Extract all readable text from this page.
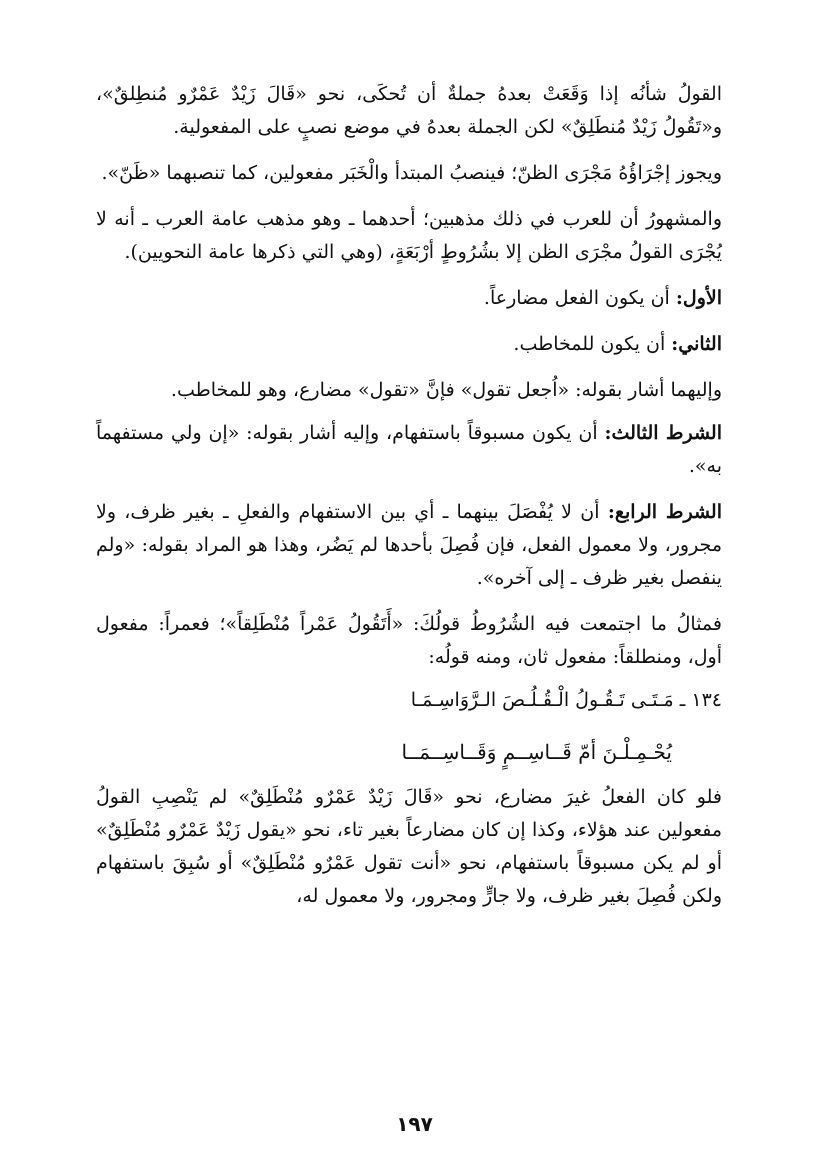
القولُ شأنُه إذا وَقَعَتْ بعدهُ جملةٌ أن تُحكَى، نحو «قَالَ زَيْدٌ عَمْرٌو مُنطِلقٌ»، و«تَقُولُ زَيْدٌ مُنطَلِقٌ» لكن الجملة بعدهُ في موضع نصبٍ على المفعولية.

ويجوز إجْرَاؤُهُ مَجْرَى الظنّ؛ فينصبُ المبتدأ والْخَبَر مفعولين، كما تنصبهما «ظَنّ».

والمشهورُ أن للعرب في ذلك مذهبين؛ أحدهما ـ وهو مذهب عامة العرب ـ أنه لا يُجْرَى القولُ مجْرَى الظن إلا بشُرُوطٍ أرْبَعَةٍ، (وهي التي ذكرها عامة النحويين).

الأول: أن يكون الفعل مضارعاً.

الثاني: أن يكون للمخاطب.

وإليهما أشار بقوله: «اُجعل تقول» فإنَّ «تقول» مضارع، وهو للمخاطب.

الشرط الثالث: أن يكون مسبوقاً باستفهام، وإليه أشار بقوله: «إن ولي مستفهماً به».

الشرط الرابع: أن لا يُفْصَلَ بينهما ـ أي بين الاستفهام والفعلِ ـ بغير ظرف، ولا مجرور، ولا معمول الفعل، فإن فُصِلَ بأحدها لم يَضُر، وهذا هو المراد بقوله: «ولم ينفصل بغير ظرف ـ إلى آخره».

فمثالُ ما اجتمعت فيه الشُرُوطُ قولُكَ: «أَتَقُولُ عَمْراً مُنْطَلِقاً»؛ فعمراً: مفعول أول، ومنطلقاً: مفعول ثان، ومنه قولُه:

١٣٤ ـ مَـتَـى تَـقُـولُ الْـقُـلُـصَ الـرَّوَاسِـمَـا

يُحْـمِـلْـنَ أمّ قَــاسِــمٍ وَقَــاسِــمَــا

فلو كان الفعلُ غيرَ مضارع، نحو «قَالَ زَيْدٌ عَمْرٌو مُنْطَلِقٌ» لم يَنْصِبِ القولُ مفعولين عند هؤلاء، وكذا إن كان مضارعاً بغير تاء، نحو «يقول زَيْدٌ عَمْرٌو مُنْطَلِقٌ» أو لم يكن مسبوقاً باستفهام، نحو «أنت تقول عَمْرٌو مُنْطَلِقٌ» أو سُبِقَ باستفهام ولكن فُصِلَ بغير ظرف، ولا جارٍّ ومجرور، ولا معمول له،

١٩٧
